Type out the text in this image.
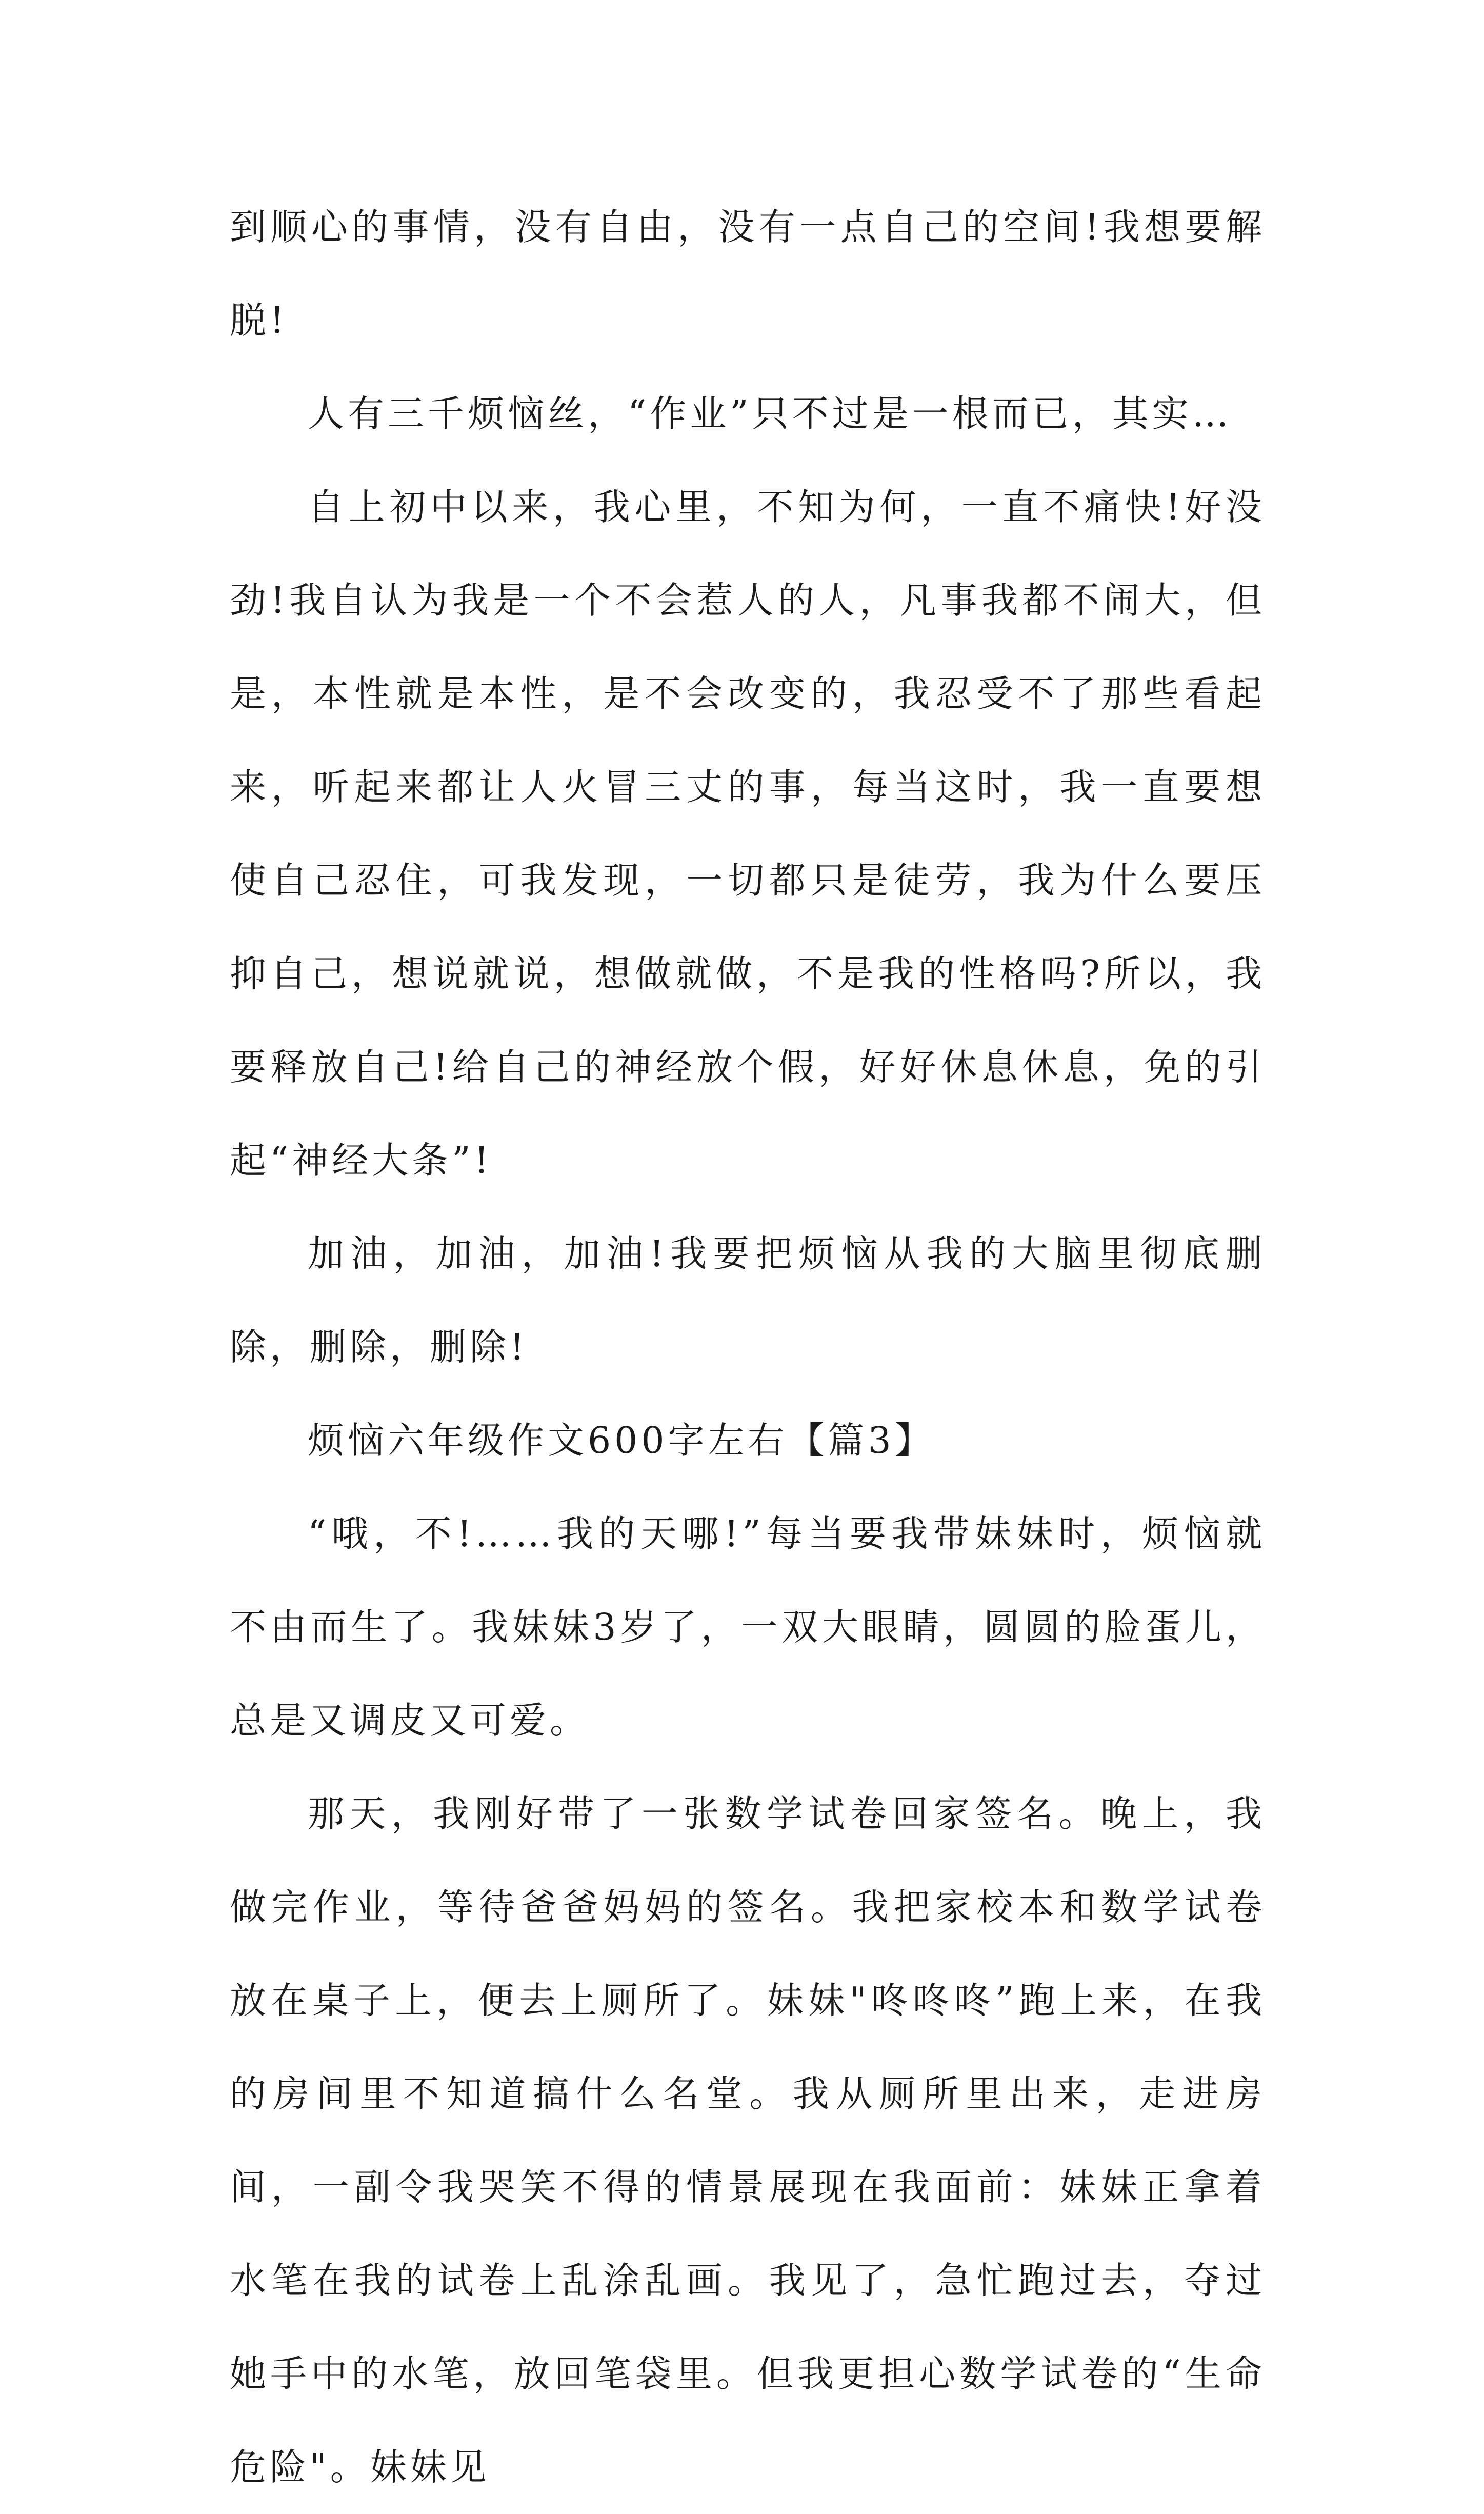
到顺心的事情，没有自由，没有一点自己的空间!我想要解脱!

人有三千烦恼丝，“作业”只不过是一根而已，其实…

自上初中以来，我心里，不知为何，一直不痛快!好没劲!我自认为我是一个不会惹人的人，凡事我都不闹大，但是，本性就是本性，是不会改变的，我忍受不了那些看起来，听起来都让人火冒三丈的事，每当这时，我一直要想使自己忍住，可我发现，一切都只是徒劳，我为什么要压抑自己，想说就说，想做就做，不是我的性格吗?所以，我要释放自己!给自己的神经放个假，好好休息休息，免的引起“神经大条”!

加油，加油，加油!我要把烦恼从我的大脑里彻底删除，删除，删除!

烦恼六年级作文600字左右【篇3】

“哦，不!……我的天哪!”每当要我带妹妹时，烦恼就不由而生了。我妹妹3岁了，一双大眼睛，圆圆的脸蛋儿，总是又调皮又可爱。

那天，我刚好带了一张数学试卷回家签名。晚上，我做完作业，等待爸爸妈妈的签名。我把家校本和数学试卷放在桌子上，便去上厕所了。妹妹"咚咚咚”跑上来，在我的房间里不知道搞什么名堂。我从厕所里出来，走进房间，一副令我哭笑不得的情景展现在我面前：妹妹正拿着水笔在我的试卷上乱涂乱画。我见了，急忙跑过去，夺过她手中的水笔，放回笔袋里。但我更担心数学试卷的“生命危险"。妹妹见
